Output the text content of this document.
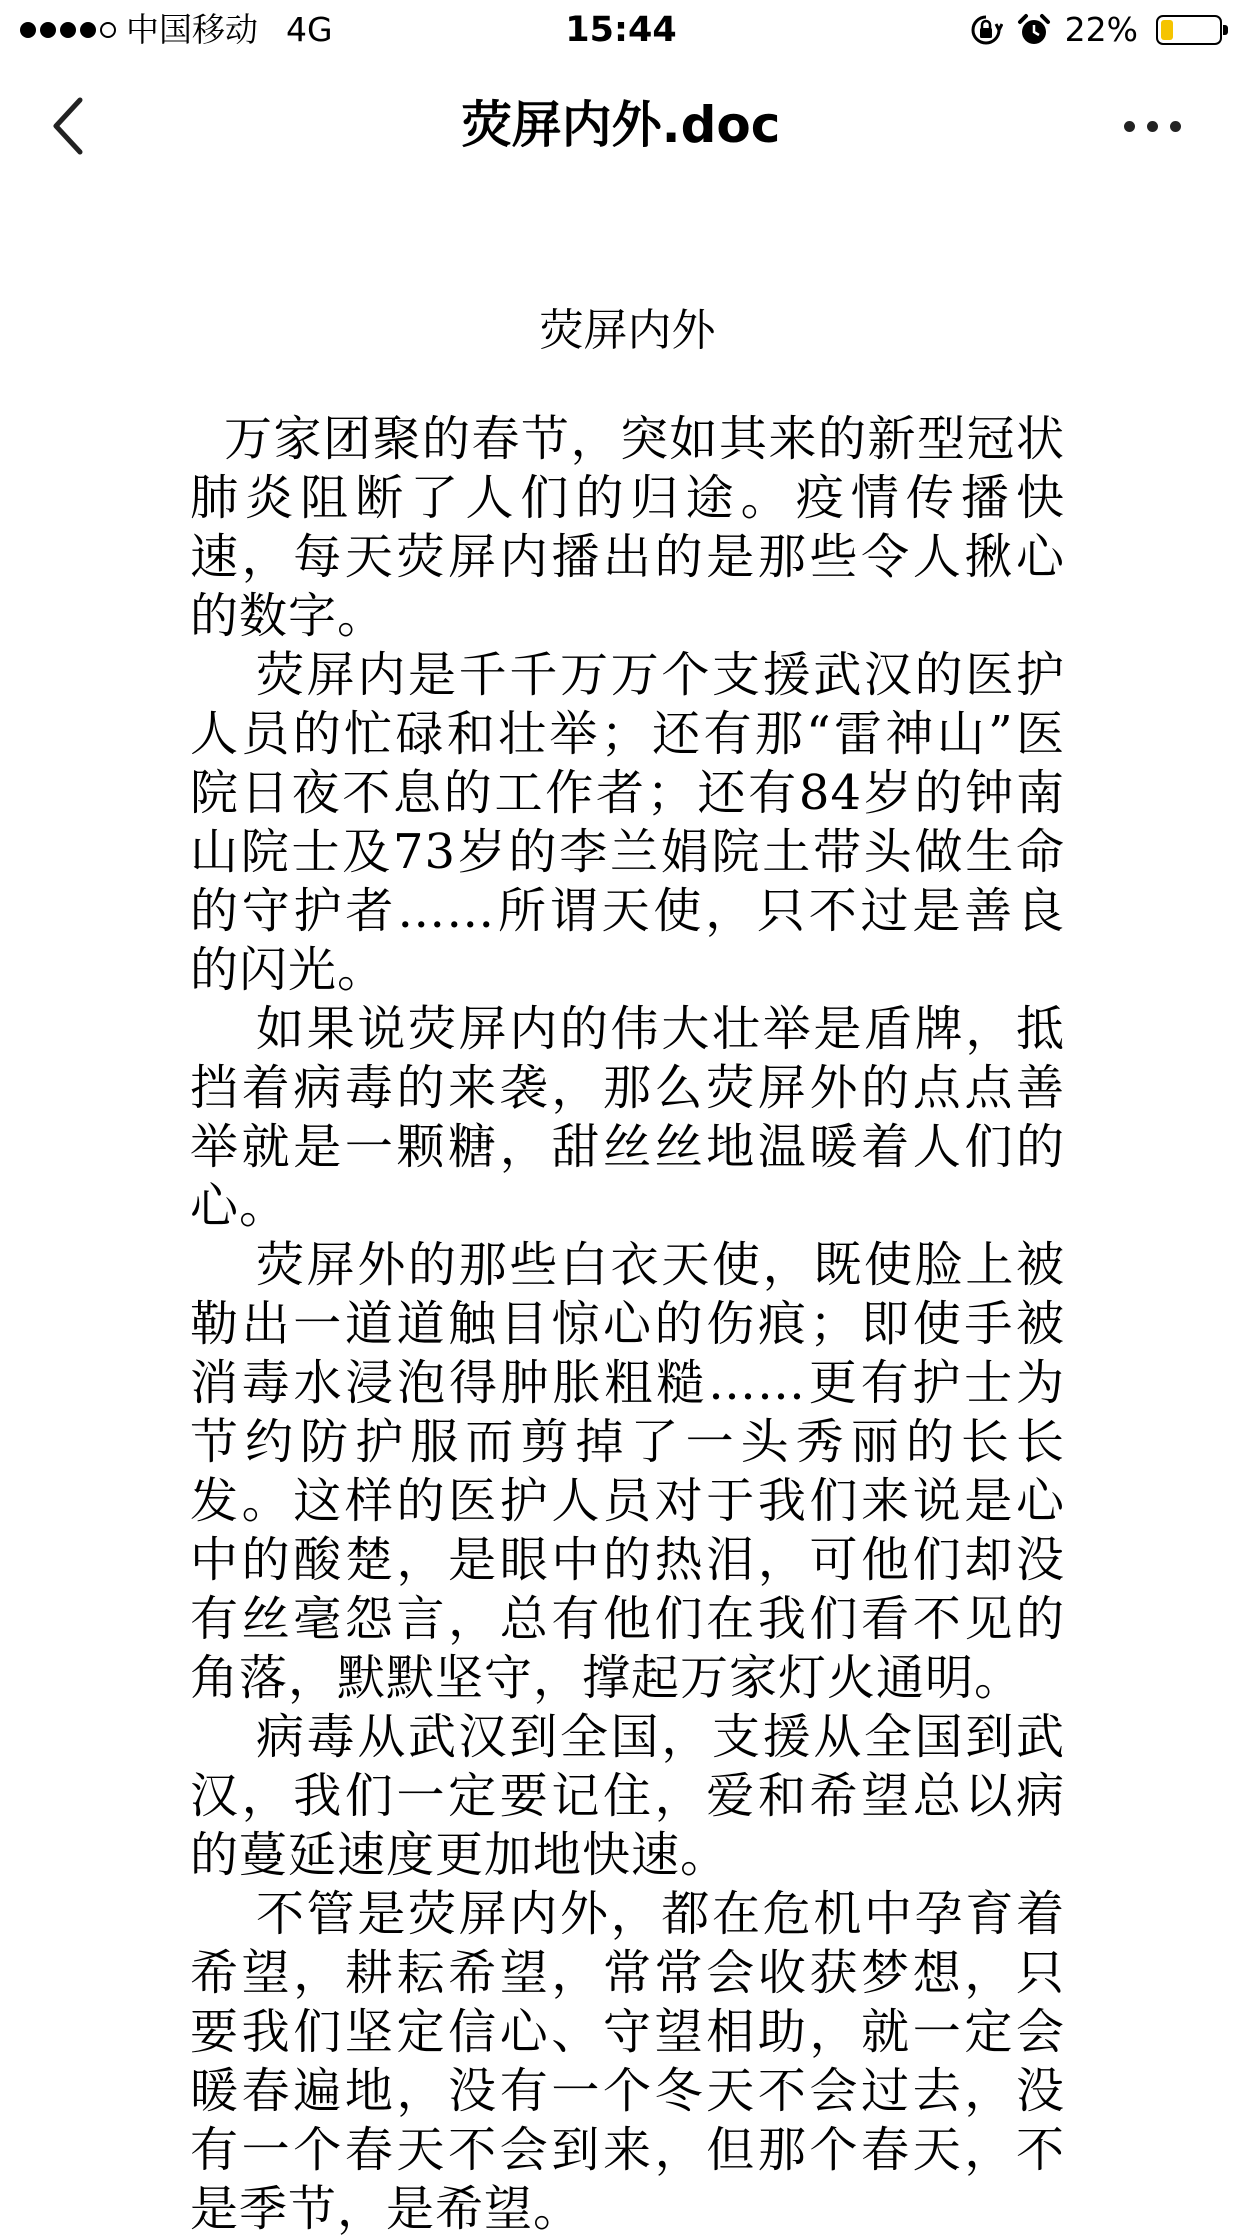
中国移动 4G	15:44	22%
荧屏内外.doc
荧屏内外

万家团聚的春节，突如其来的新型冠状肺炎阻断了人们的归途。疫情传播快速，每天荧屏内播出的是那些令人揪心的数字。

荧屏内是千千万万个支援武汉的医护人员的忙碌和壮举；还有那“雷神山”医院日夜不息的工作者；还有84岁的钟南山院士及73岁的李兰娟院土带头做生命的守护者……所谓天使，只不过是善良的闪光。

如果说荧屏内的伟大壮举是盾牌，抵挡着病毒的来袭，那么荧屏外的点点善举就是一颗糖，甜丝丝地温暖着人们的心。

荧屏外的那些白衣天使，既使脸上被勒出一道道触目惊心的伤痕；即使手被消毒水浸泡得肿胀粗糙……更有护士为节约防护服而剪掉了一头秀丽的长长发。这样的医护人员对于我们来说是心中的酸楚，是眼中的热泪，可他们却没有丝毫怨言，总有他们在我们看不见的角落，默默坚守，撑起万家灯火通明。

病毒从武汉到全国，支援从全国到武汉，我们一定要记住，爱和希望总以病的蔓延速度更加地快速。

不管是荧屏内外，都在危机中孕育着希望，耕耘希望，常常会收获梦想，只要我们坚定信心、守望相助，就一定会暖春遍地，没有一个冬天不会过去，没有一个春天不会到来，但那个春天，不是季节，是希望。
